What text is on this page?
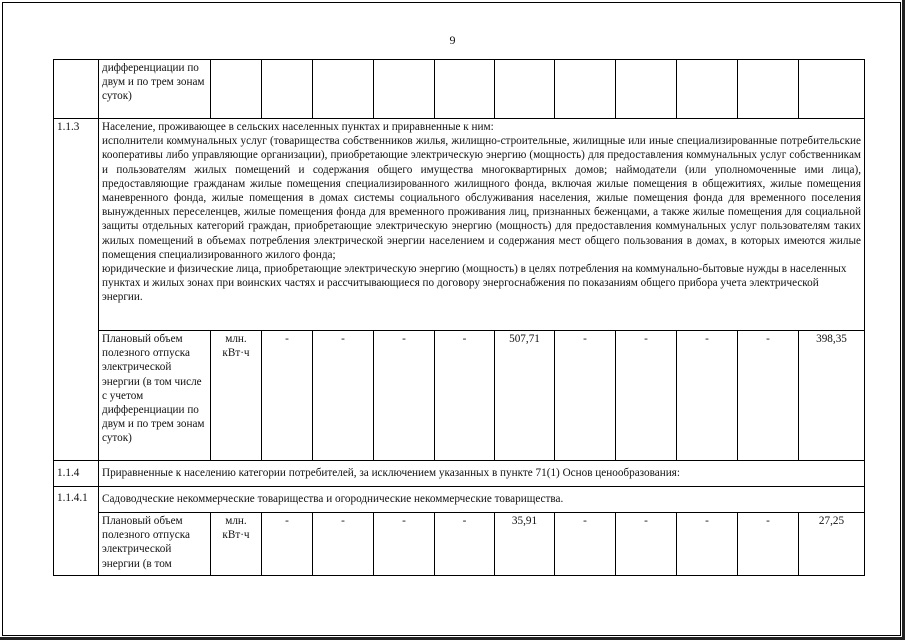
9
	дифференциации по двум и по трем зонам суток)											
1.1.3	Население, проживающее в сельских населенных пунктах и приравненные к ним:
исполнители коммунальных услуг (товарищества собственников жилья, жилищно-строительные, жилищные или иные специализированные потребительские кооперативы либо управляющие организации), приобретающие электрическую энергию (мощность) для предоставления коммунальных услуг собственникам и пользователям жилых помещений и содержания общего имущества многоквартирных домов; наймодатели (или уполномоченные ими лица), предоставляющие гражданам жилые помещения специализированного жилищного фонда, включая жилые помещения в общежитиях, жилые помещения маневренного фонда, жилые помещения в домах системы социального обслуживания населения, жилые помещения фонда для временного поселения вынужденных переселенцев, жилые помещения фонда для временного проживания лиц, признанных беженцами, а также жилые помещения для социальной защиты отдельных категорий граждан, приобретающие электрическую энергию (мощность) для предоставления коммунальных услуг пользователям таких жилых помещений в объемах потребления электрической энергии населением и содержания мест общего пользования в домах, в которых имеются жилые помещения специализированного жилого фонда;
юридические и физические лица, приобретающие электрическую энергию (мощность) в целях потребления на коммунально-бытовые нужды в населенных пунктах и жилых зонах при воинских частях и рассчитывающиеся по договору энергоснабжения по показаниям общего прибора учета электрической энергии.											

	Плановый объем полезного отпуска электрической энергии (в том числе с учетом дифференциации по двум и по трем зонам суток)	млн. кВт·ч	-	-	-	-	507,71	-	-	-	-	398,35
1.1.4	Приравненные к населению категории потребителей, за исключением указанных в пункте 71(1) Основ ценообразования:											
1.1.4.1	Садоводческие некоммерческие товарищества и огороднические некоммерческие товарищества.											
	Плановый объем полезного отпуска электрической энергии (в том	млн. кВт·ч	-	-	-	-	35,91	-	-	-	-	27,25
